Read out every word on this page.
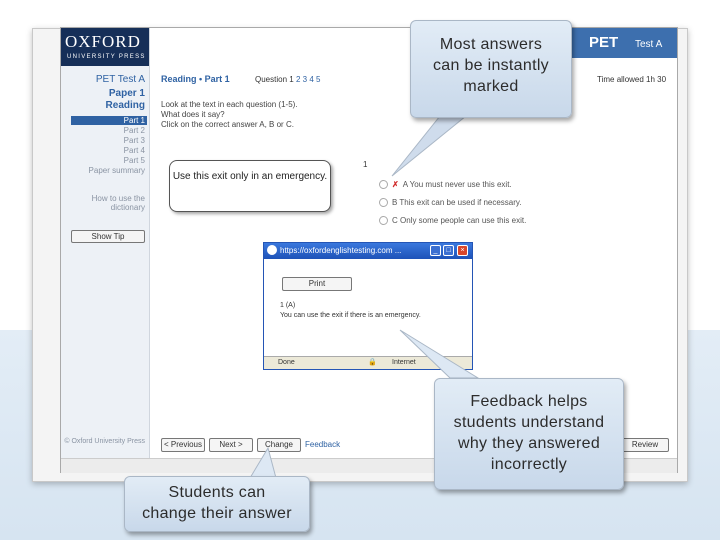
OXFORD
UNIVERSITY PRESS
PET Test A
Paper 1
Reading
Part 1
Part 2
Part 3
Part 4
Part 5
Paper summary
How to use the dictionary
Show Tip
© Oxford University Press
Reading • Part 1	Question 1 2 3 4 5	Time allowed 1h 30
PET Test A
Look at the text in each question (1-5).
What does it say?
Click on the correct answer A, B or C.
1
Use this exit only in an emergency.
✗ A You must never use this exit.
B This exit can be used if necessary.
C Only some people can use this exit.
https://oxfordenglishtesting.com ...	_	□	×
Print
1 (A)
You can use the exit if there is an emergency.
Done	🔒 Internet
< Previous	Next >	Change	Feedback	Review
Most answers
can be instantly
marked
Feedback helps
students understand
why they answered
incorrectly
Students can
change their answer
